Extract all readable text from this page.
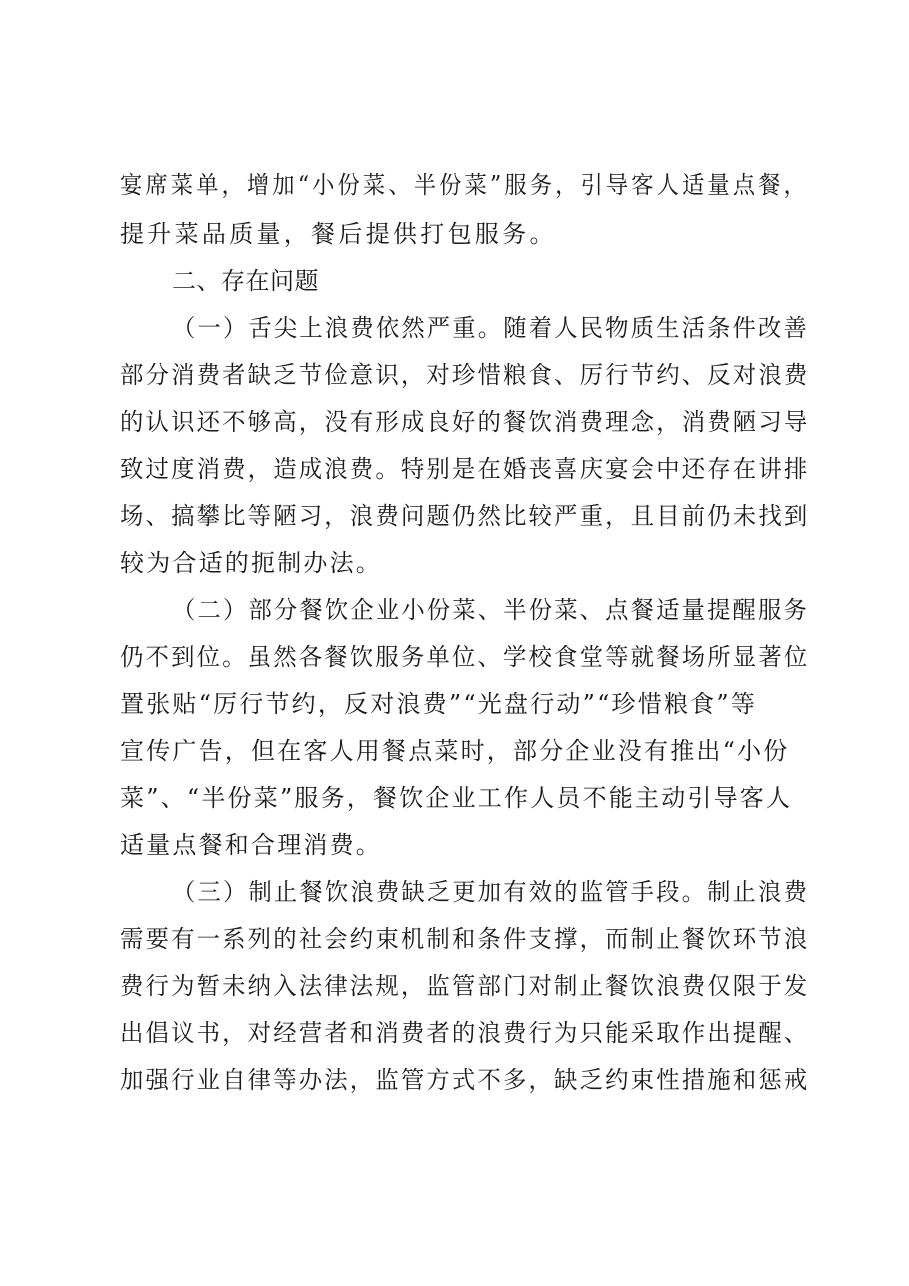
宴席菜单，增加“小份菜、半份菜”服务，引导客人适量点餐，
提升菜品质量，餐后提供打包服务。
二、存在问题
（一）舌尖上浪费依然严重。随着人民物质生活条件改善
部分消费者缺乏节俭意识，对珍惜粮食、厉行节约、反对浪费
的认识还不够高，没有形成良好的餐饮消费理念，消费陋习导
致过度消费，造成浪费。特别是在婚丧喜庆宴会中还存在讲排
场、搞攀比等陋习，浪费问题仍然比较严重，且目前仍未找到
较为合适的扼制办法。
（二）部分餐饮企业小份菜、半份菜、点餐适量提醒服务
仍不到位。虽然各餐饮服务单位、学校食堂等就餐场所显著位
置张贴“厉行节约，反对浪费”“光盘行动”“珍惜粮食”等
宣传广告，但在客人用餐点菜时，部分企业没有推出“小份
菜”、“半份菜”服务，餐饮企业工作人员不能主动引导客人
适量点餐和合理消费。
（三）制止餐饮浪费缺乏更加有效的监管手段。制止浪费
需要有一系列的社会约束机制和条件支撑，而制止餐饮环节浪
费行为暂未纳入法律法规，监管部门对制止餐饮浪费仅限于发
出倡议书，对经营者和消费者的浪费行为只能采取作出提醒、
加强行业自律等办法，监管方式不多，缺乏约束性措施和惩戒
